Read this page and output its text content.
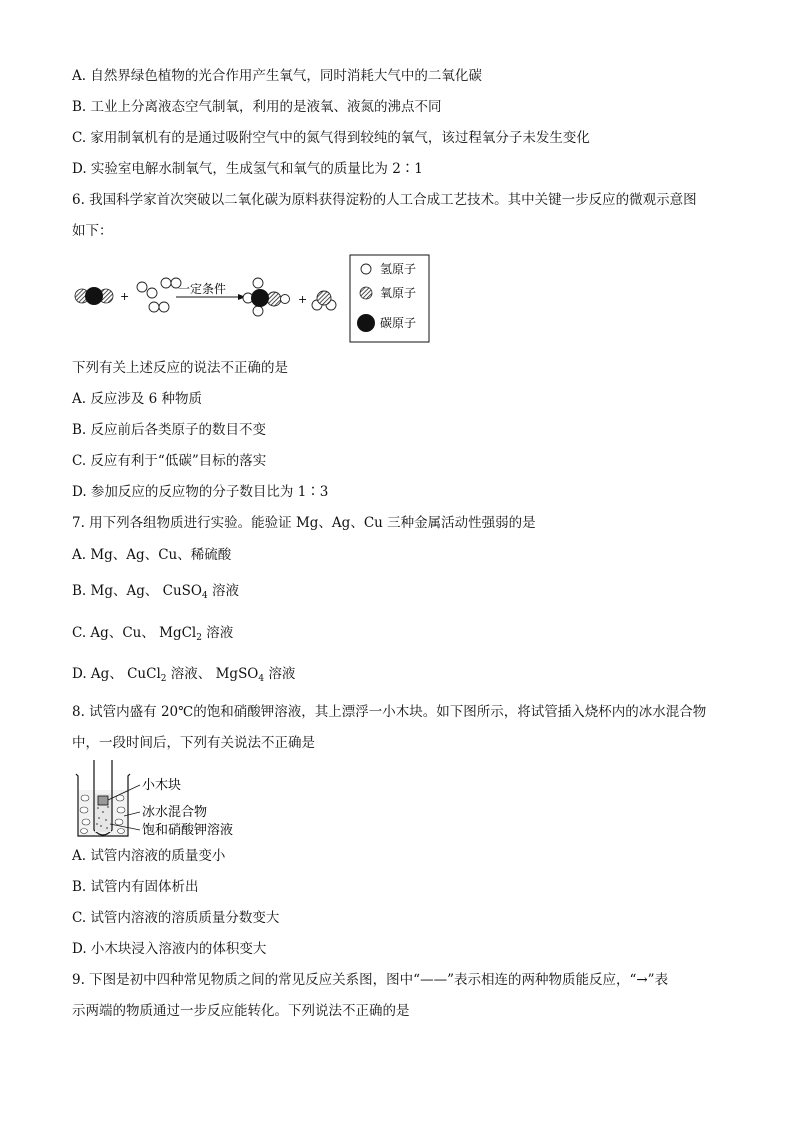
A. 自然界绿色植物的光合作用产生氧气，同时消耗大气中的二氧化碳
B. 工业上分离液态空气制氧，利用的是液氧、液氮的沸点不同
C. 家用制氧机有的是通过吸附空气中的氮气得到较纯的氧气，该过程氧分子未发生变化
D. 实验室电解水制氧气，生成氢气和氧气的质量比为 2∶1
6. 我国科学家首次突破以二氧化碳为原料获得淀粉的人工合成工艺技术。其中关键一步反应的微观示意图
如下：
+
一定条件
+
氢原子
氧原子
碳原子
下列有关上述反应的说法不正确的是
A. 反应涉及 6 种物质
B. 反应前后各类原子的数目不变
C. 反应有利于“低碳”目标的落实
D. 参加反应的反应物的分子数目比为 1∶3
7. 用下列各组物质进行实验。能验证 Mg、Ag、Cu 三种金属活动性强弱的是
A. Mg、Ag、Cu、稀硫酸
B. Mg、Ag、 CuSO$_4$ 溶液
C. Ag、Cu、 MgCl$_2$ 溶液
D. Ag、 CuCl$_2$ 溶液、 MgSO$_4$ 溶液
8. 试管内盛有 20℃的饱和硝酸钾溶液，其上漂浮一小木块。如下图所示，将试管插入烧杯内的冰水混合物
中，一段时间后，下列有关说法不正确是
小木块
冰水混合物
饱和硝酸钾溶液
A. 试管内溶液的质量变小
B. 试管内有固体析出
C. 试管内溶液的溶质质量分数变大
D. 小木块浸入溶液内的体积变大
9. 下图是初中四种常见物质之间的常见反应关系图，图中“——”表示相连的两种物质能反应，“→”表
示两端的物质通过一步反应能转化。下列说法不正确的是
